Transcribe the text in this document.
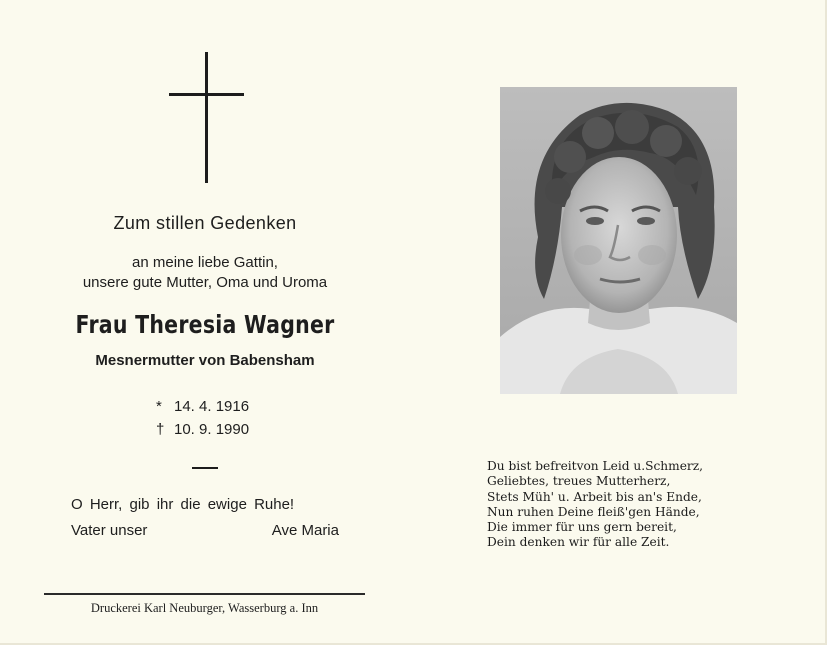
Zum stillen Gedenken
an meine liebe Gattin,
unsere gute Mutter, Oma und Uroma
Frau Theresia Wagner
Mesnermutter von Babensham
* 14. 4. 1916
† 10. 9. 1990
O Herr, gib ihr die ewige Ruhe!
Vater unser	Ave Maria
Druckerei Karl Neuburger, Wasserburg a. Inn
Du bist befreitvon Leid u.Schmerz,
Geliebtes, treues Mutterherz,
Stets Müh' u. Arbeit bis an's Ende,
Nun ruhen Deine fleiß'gen Hände,
Die immer für uns gern bereit,
Dein denken wir für alle Zeit.
